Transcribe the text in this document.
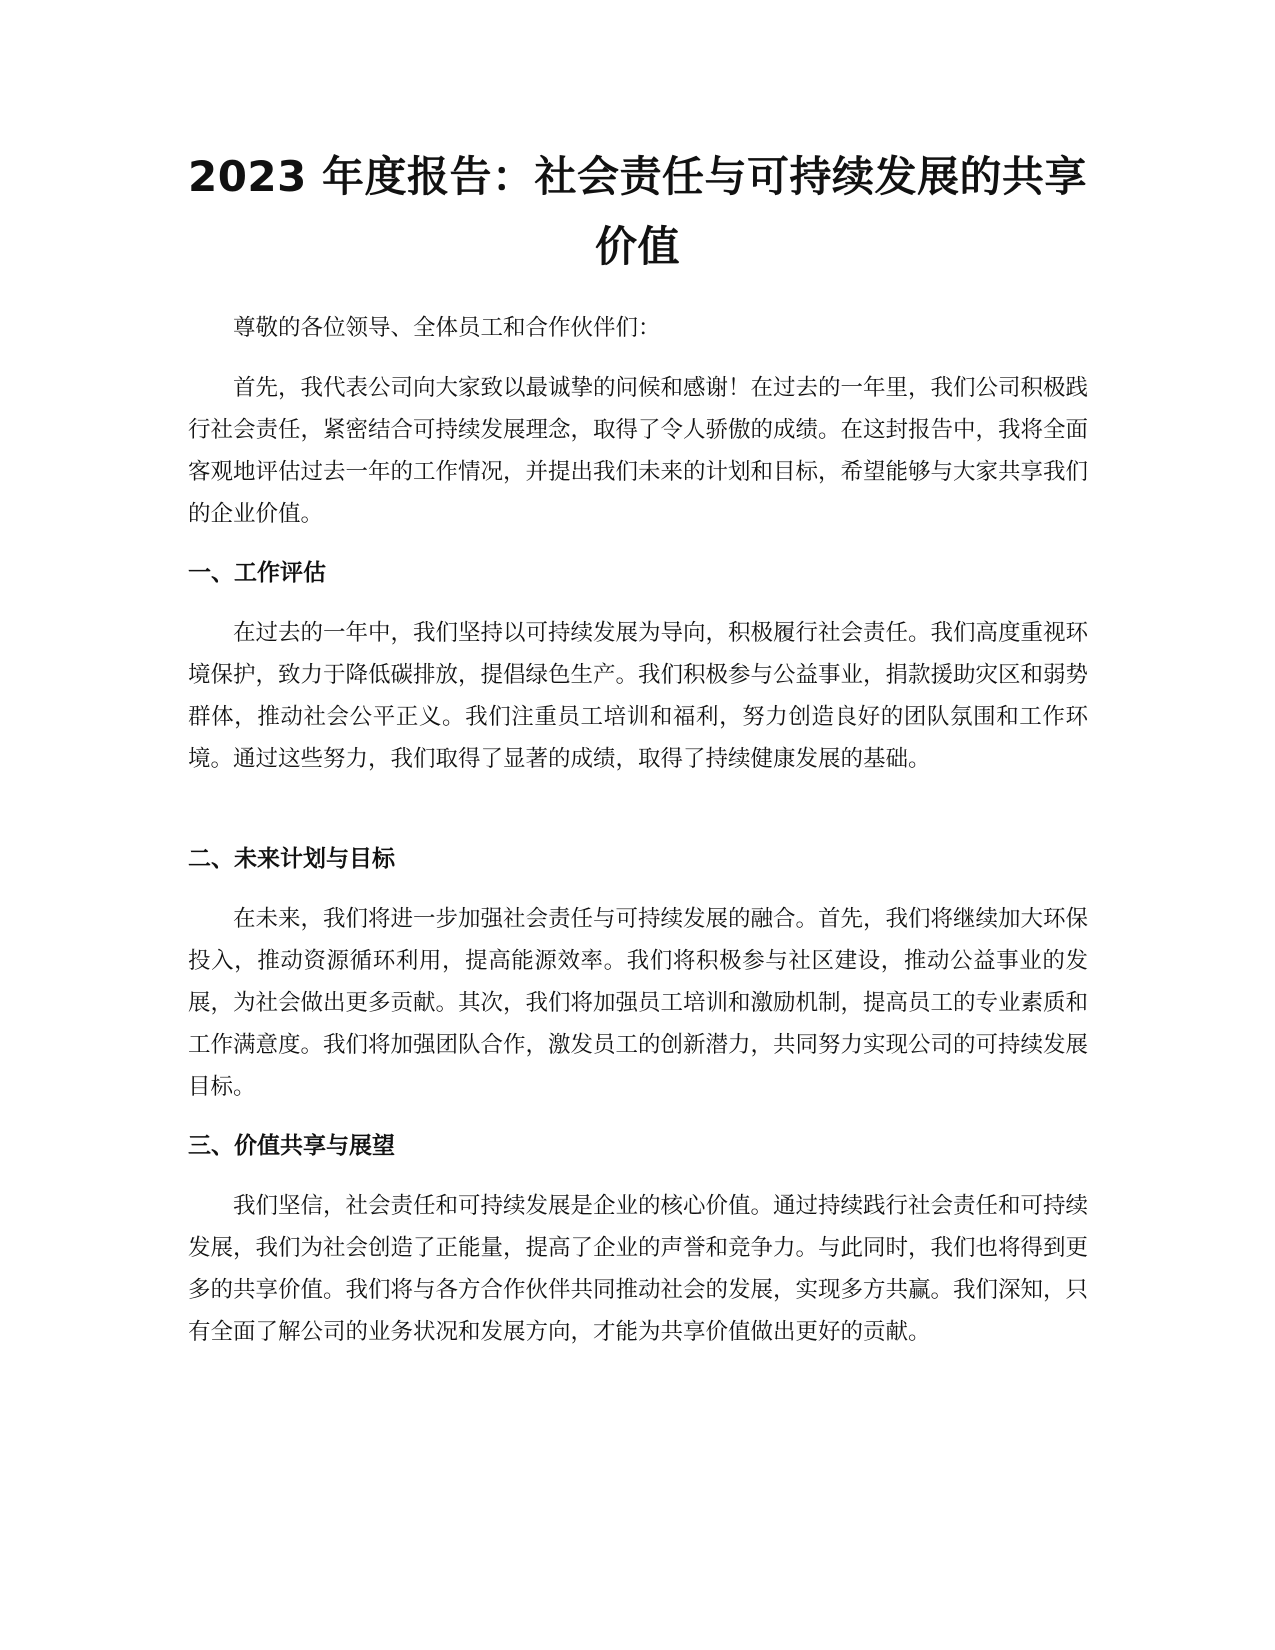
2023 年度报告：社会责任与可持续发展的共享价值

尊敬的各位领导、全体员工和合作伙伴们：

首先，我代表公司向大家致以最诚挚的问候和感谢！在过去的一年里，我们公司积极践行社会责任，紧密结合可持续发展理念，取得了令人骄傲的成绩。在这封报告中，我将全面客观地评估过去一年的工作情况，并提出我们未来的计划和目标，希望能够与大家共享我们的企业价值。

一、工作评估

在过去的一年中，我们坚持以可持续发展为导向，积极履行社会责任。我们高度重视环境保护，致力于降低碳排放，提倡绿色生产。我们积极参与公益事业，捐款援助灾区和弱势群体，推动社会公平正义。我们注重员工培训和福利，努力创造良好的团队氛围和工作环境。通过这些努力，我们取得了显著的成绩，取得了持续健康发展的基础。

二、未来计划与目标

在未来，我们将进一步加强社会责任与可持续发展的融合。首先，我们将继续加大环保投入，推动资源循环利用，提高能源效率。我们将积极参与社区建设，推动公益事业的发展，为社会做出更多贡献。其次，我们将加强员工培训和激励机制，提高员工的专业素质和工作满意度。我们将加强团队合作，激发员工的创新潜力，共同努力实现公司的可持续发展目标。

三、价值共享与展望

我们坚信，社会责任和可持续发展是企业的核心价值。通过持续践行社会责任和可持续发展，我们为社会创造了正能量，提高了企业的声誉和竞争力。与此同时，我们也将得到更多的共享价值。我们将与各方合作伙伴共同推动社会的发展，实现多方共赢。我们深知，只有全面了解公司的业务状况和发展方向，才能为共享价值做出更好的贡献。
